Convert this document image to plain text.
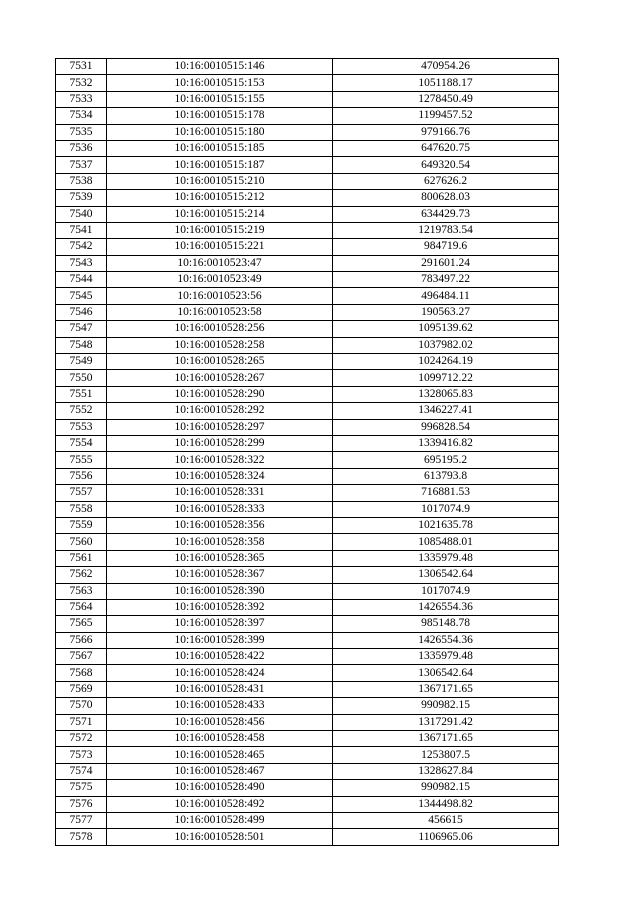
7531	10:16:0010515:146	470954.26
7532	10:16:0010515:153	1051188.17
7533	10:16:0010515:155	1278450.49
7534	10:16:0010515:178	1199457.52
7535	10:16:0010515:180	979166.76
7536	10:16:0010515:185	647620.75
7537	10:16:0010515:187	649320.54
7538	10:16:0010515:210	627626.2
7539	10:16:0010515:212	800628.03
7540	10:16:0010515:214	634429.73
7541	10:16:0010515:219	1219783.54
7542	10:16:0010515:221	984719.6
7543	10:16:0010523:47	291601.24
7544	10:16:0010523:49	783497.22
7545	10:16:0010523:56	496484.11
7546	10:16:0010523:58	190563.27
7547	10:16:0010528:256	1095139.62
7548	10:16:0010528:258	1037982.02
7549	10:16:0010528:265	1024264.19
7550	10:16:0010528:267	1099712.22
7551	10:16:0010528:290	1328065.83
7552	10:16:0010528:292	1346227.41
7553	10:16:0010528:297	996828.54
7554	10:16:0010528:299	1339416.82
7555	10:16:0010528:322	695195.2
7556	10:16:0010528:324	613793.8
7557	10:16:0010528:331	716881.53
7558	10:16:0010528:333	1017074.9
7559	10:16:0010528:356	1021635.78
7560	10:16:0010528:358	1085488.01
7561	10:16:0010528:365	1335979.48
7562	10:16:0010528:367	1306542.64
7563	10:16:0010528:390	1017074.9
7564	10:16:0010528:392	1426554.36
7565	10:16:0010528:397	985148.78
7566	10:16:0010528:399	1426554.36
7567	10:16:0010528:422	1335979.48
7568	10:16:0010528:424	1306542.64
7569	10:16:0010528:431	1367171.65
7570	10:16:0010528:433	990982.15
7571	10:16:0010528:456	1317291.42
7572	10:16:0010528:458	1367171.65
7573	10:16:0010528:465	1253807.5
7574	10:16:0010528:467	1328627.84
7575	10:16:0010528:490	990982.15
7576	10:16:0010528:492	1344498.82
7577	10:16:0010528:499	456615
7578	10:16:0010528:501	1106965.06
